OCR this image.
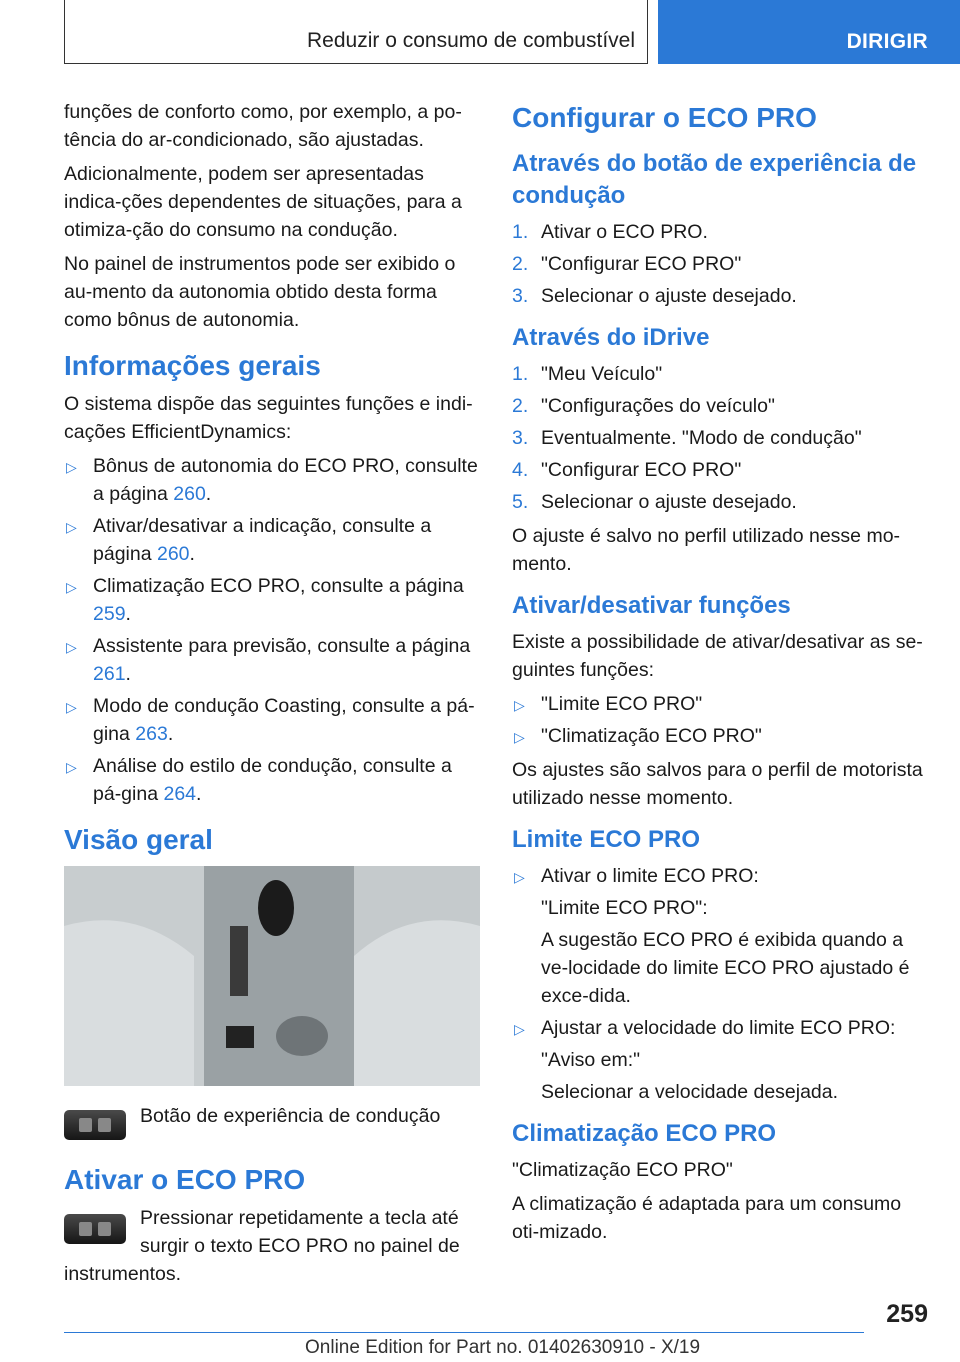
Reduzir o consumo de combustível	DIRIGIR

funções de conforto como, por exemplo, a po-tência do ar-condicionado, são ajustadas.

Adicionalmente, podem ser apresentadas indica-ções dependentes de situações, para a otimiza-ção do consumo na condução.

No painel de instrumentos pode ser exibido o au-mento da autonomia obtido desta forma como bônus de autonomia.

Informações gerais

O sistema dispõe das seguintes funções e indi-cações EfficientDynamics:

▷ Bônus de autonomia do ECO PRO, consulte a página 260.
▷ Ativar/desativar a indicação, consulte a página 260.
▷ Climatização ECO PRO, consulte a página 259.
▷ Assistente para previsão, consulte a página 261.
▷ Modo de condução Coasting, consulte a pá-gina 263.
▷ Análise do estilo de condução, consulte a pá-gina 264.
Visão geral
Botão de experiência de condução
Ativar o ECO PRO

Pressionar repetidamente a tecla até surgir o texto ECO PRO no painel de instrumentos.

Configurar o ECO PRO
Através do botão de experiência de condução
1. Ativar o ECO PRO.
2. "Configurar ECO PRO"
3. Selecionar o ajuste desejado.
Através do iDrive
1. "Meu Veículo"
2. "Configurações do veículo"
3. Eventualmente. "Modo de condução"
4. "Configurar ECO PRO"
5. Selecionar o ajuste desejado.

O ajuste é salvo no perfil utilizado nesse mo-mento.

Ativar/desativar funções

Existe a possibilidade de ativar/desativar as se-guintes funções:

▷ "Limite ECO PRO"
▷ "Climatização ECO PRO"

Os ajustes são salvos para o perfil de motorista utilizado nesse momento.

Limite ECO PRO
▷ Ativar o limite ECO PRO:
"Limite ECO PRO":
A sugestão ECO PRO é exibida quando a ve-locidade do limite ECO PRO ajustado é exce-dida.
▷ Ajustar a velocidade do limite ECO PRO:
"Aviso em:"
Selecionar a velocidade desejada.
Climatização ECO PRO

"Climatização ECO PRO"

A climatização é adaptada para um consumo oti-mizado.

259
Online Edition for Part no. 01402630910 - X/19
